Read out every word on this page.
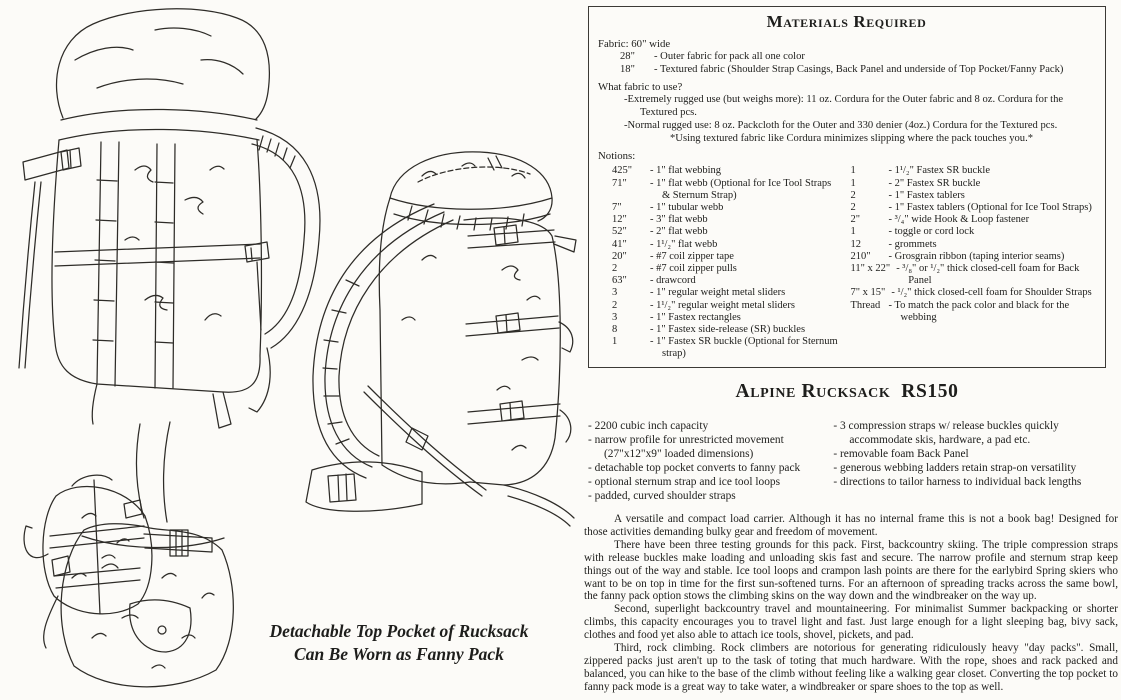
Detachable Top Pocket of Rucksack
Can Be Worn as Fanny Pack
Materials Required
Fabric: 60" wide
28"	- Outer fabric for pack all one color
18"	- Textured fabric (Shoulder Strap Casings, Back Panel and underside of Top Pocket/Fanny Pack)
What fabric to use?
-Extremely rugged use (but weighs more): 11 oz. Cordura for the Outer fabric and 8 oz. Cordura for the Textured pcs.
-Normal rugged use: 8 oz. Packcloth for the Outer and 330 denier (4oz.) Cordura for the Textured pcs.
*Using textured fabric like Cordura minimizes slipping where the pack touches you.*
Notions:
425"	- 1" flat webbing
71"	- 1" flat webb (Optional for Ice Tool Straps & Sternum Strap)
7"	- 1" tubular webb
12"	- 3" flat webb
52"	- 2" flat webb
41"	- 1¹/₂" flat webb
20"	- #7 coil zipper tape
2	- #7 coil zipper pulls
63"	- drawcord
3	- 1" regular weight metal sliders
2	- 1¹/₂" regular weight metal sliders
3	- 1" Fastex rectangles
8	- 1" Fastex side-release (SR) buckles
1	- 1" Fastex SR buckle (Optional for Sternum strap)
1	- 1¹/₂" Fastex SR buckle
1	- 2" Fastex SR buckle
2	- 1" Fastex tablers
2	- 1" Fastex tablers (Optional for Ice Tool Straps)
2"	- ³/₄" wide Hook & Loop fastener
1	- toggle or cord lock
12	- grommets
210"	- Grosgrain ribbon (taping interior seams)
11" x 22" - ³/₈" or ¹/₂" thick closed-cell foam for Back Panel
7" x 15" - ¹/₂" thick closed-cell foam for Shoulder Straps
Thread - To match the pack color and black for the webbing
Alpine Rucksack  RS150
- 2200 cubic inch capacity
- narrow profile for unrestricted movement (27"x12"x9" loaded dimensions)
- detachable top pocket converts to fanny pack
- optional sternum strap and ice tool loops
- padded, curved shoulder straps
- 3 compression straps w/ release buckles quickly accommodate skis, hardware, a pad etc.
- removable foam Back Panel
- generous webbing ladders retain strap-on versatility
- directions to tailor harness to individual back lengths

A versatile and compact load carrier. Although it has no internal frame this is not a book bag! Designed for those activities demanding bulky gear and freedom of movement.

There have been three testing grounds for this pack. First, backcountry skiing. The triple compression straps with release buckles make loading and unloading skis fast and secure. The narrow profile and sternum strap keep things out of the way and stable. Ice tool loops and crampon lash points are there for the earlybird Spring skiers who want to be on top in time for the first sun-softened turns. For an afternoon of spreading tracks across the same bowl, the fanny pack option stows the climbing skins on the way down and the windbreaker on the way up.

Second, superlight backcountry travel and mountaineering. For minimalist Summer backpacking or shorter climbs, this capacity encourages you to travel light and fast. Just large enough for a light sleeping bag, bivy sack, clothes and food yet also able to attach ice tools, shovel, pickets, and pad.

Third, rock climbing. Rock climbers are notorious for generating ridiculously heavy "day packs". Small, zippered packs just aren't up to the task of toting that much hardware. With the rope, shoes and rack packed and balanced, you can hike to the base of the climb without feeling like a walking gear closet. Converting the top pocket to fanny pack mode is a great way to take water, a windbreaker or spare shoes to the top as well.
